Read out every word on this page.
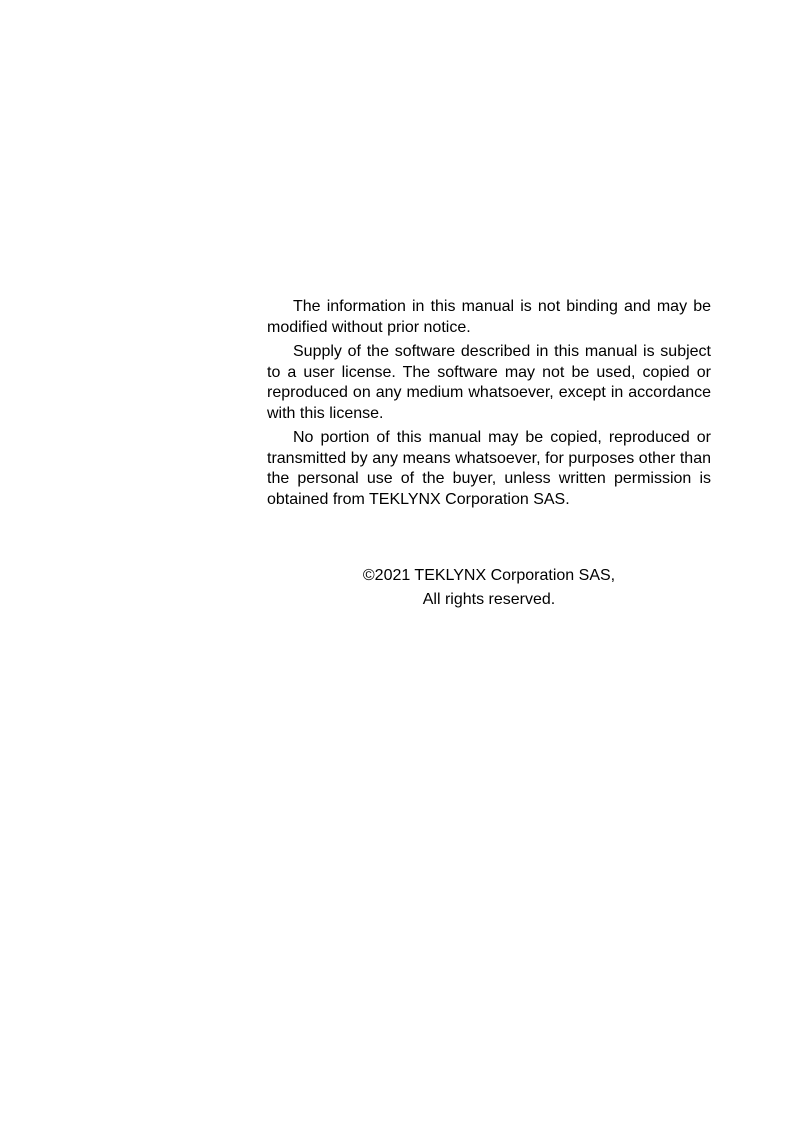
The information in this manual is not binding and may be modified without prior notice.

Supply of the software described in this manual is subject to a user license. The software may not be used, copied or reproduced on any medium whatsoever, except in accordance with this license.

No portion of this manual may be copied, reproduced or transmitted by any means whatsoever, for purposes other than the personal use of the buyer, unless written permission is obtained from TEKLYNX Corporation SAS.

©2021 TEKLYNX Corporation SAS,

All rights reserved.
